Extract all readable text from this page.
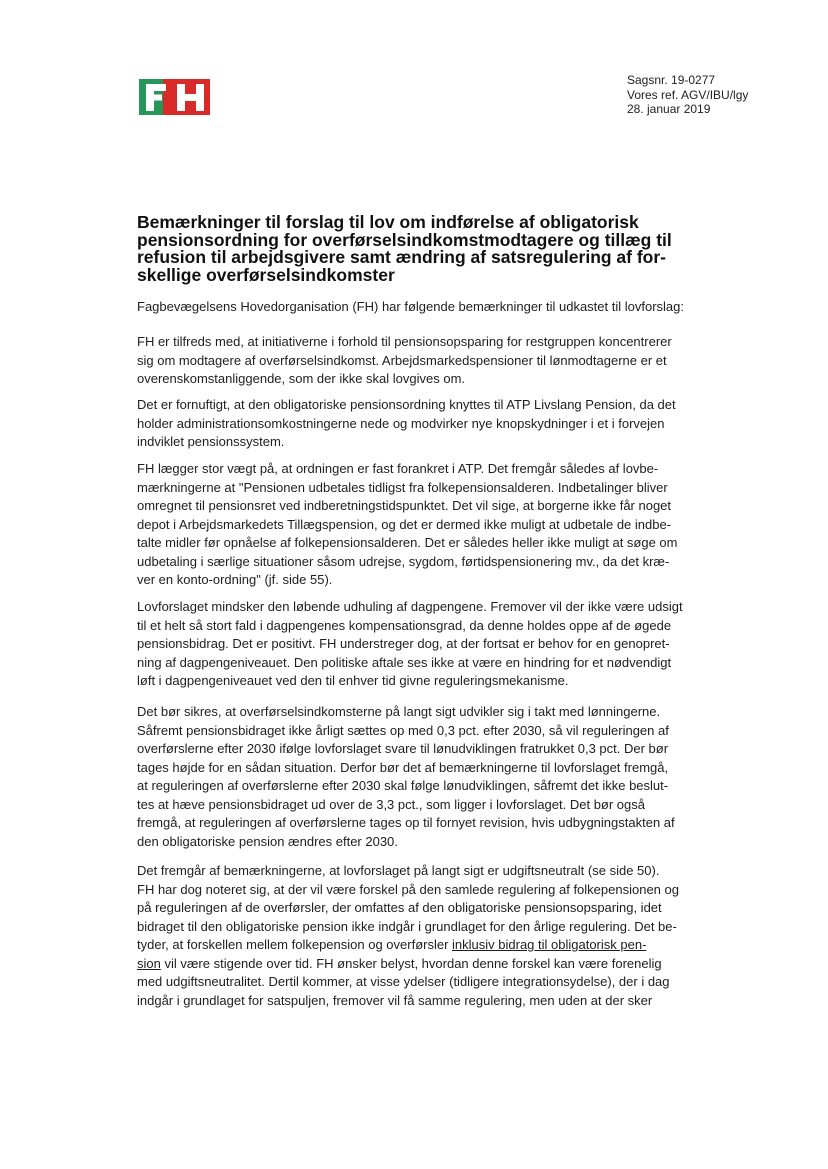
Sagsnr. 19-0277
Vores ref. AGV/IBU/lgy
28. januar 2019
Bemærkninger til forslag til lov om indførelse af obligatorisk
pensionsordning for overførselsindkomstmodtagere og tillæg til
refusion til arbejdsgivere samt ændring af satsregulering af for-
skellige overførselsindkomster
Fagbevægelsens Hovedorganisation (FH) har følgende bemærkninger til udkastet til lovforslag:
FH er tilfreds med, at initiativerne i forhold til pensionsopsparing for restgruppen koncentrerer
sig om modtagere af overførselsindkomst. Arbejdsmarkedspensioner til lønmodtagerne er et
overenskomstanliggende, som der ikke skal lovgives om.
Det er fornuftigt, at den obligatoriske pensionsordning knyttes til ATP Livslang Pension, da det
holder administrationsomkostningerne nede og modvirker nye knopskydninger i et i forvejen
indviklet pensionssystem.
FH lægger stor vægt på, at ordningen er fast forankret i ATP. Det fremgår således af lovbe-
mærkningerne at "Pensionen udbetales tidligst fra folkepensionsalderen. Indbetalinger bliver
omregnet til pensionsret ved indberetningstidspunktet. Det vil sige, at borgerne ikke får noget
depot i Arbejdsmarkedets Tillægspension, og det er dermed ikke muligt at udbetale de indbe-
talte midler før opnåelse af folkepensionsalderen. Det er således heller ikke muligt at søge om
udbetaling i særlige situationer såsom udrejse, sygdom, førtidspensionering mv., da det kræ-
ver en konto-ordning" (jf. side 55).
Lovforslaget mindsker den løbende udhuling af dagpengene. Fremover vil der ikke være udsigt
til et helt så stort fald i dagpengenes kompensationsgrad, da denne holdes oppe af de øgede
pensionsbidrag. Det er positivt. FH understreger dog, at der fortsat er behov for en genopret-
ning af dagpengeniveauet. Den politiske aftale ses ikke at være en hindring for et nødvendigt
løft i dagpengeniveauet ved den til enhver tid givne reguleringsmekanisme.
Det bør sikres, at overførselsindkomsterne på langt sigt udvikler sig i takt med lønningerne.
Såfremt pensionsbidraget ikke årligt sættes op med 0,3 pct. efter 2030, så vil reguleringen af
overførslerne efter 2030 ifølge lovforslaget svare til lønudviklingen fratrukket 0,3 pct. Der bør
tages højde for en sådan situation. Derfor bør det af bemærkningerne til lovforslaget fremgå,
at reguleringen af overførslerne efter 2030 skal følge lønudviklingen, såfremt det ikke beslut-
tes at hæve pensionsbidraget ud over de 3,3 pct., som ligger i lovforslaget. Det bør også
fremgå, at reguleringen af overførslerne tages op til fornyet revision, hvis udbygningstakten af
den obligatoriske pension ændres efter 2030.
Det fremgår af bemærkningerne, at lovforslaget på langt sigt er udgiftsneutralt (se side 50).
FH har dog noteret sig, at der vil være forskel på den samlede regulering af folkepensionen og
på reguleringen af de overførsler, der omfattes af den obligatoriske pensionsopsparing, idet
bidraget til den obligatoriske pension ikke indgår i grundlaget for den årlige regulering. Det be-
tyder, at forskellen mellem folkepension og overførsler inklusiv bidrag til obligatorisk pen-
sion vil være stigende over tid. FH ønsker belyst, hvordan denne forskel kan være forenelig
med udgiftsneutralitet. Dertil kommer, at visse ydelser (tidligere integrationsydelse), der i dag
indgår i grundlaget for satspuljen, fremover vil få samme regulering, men uden at der sker
